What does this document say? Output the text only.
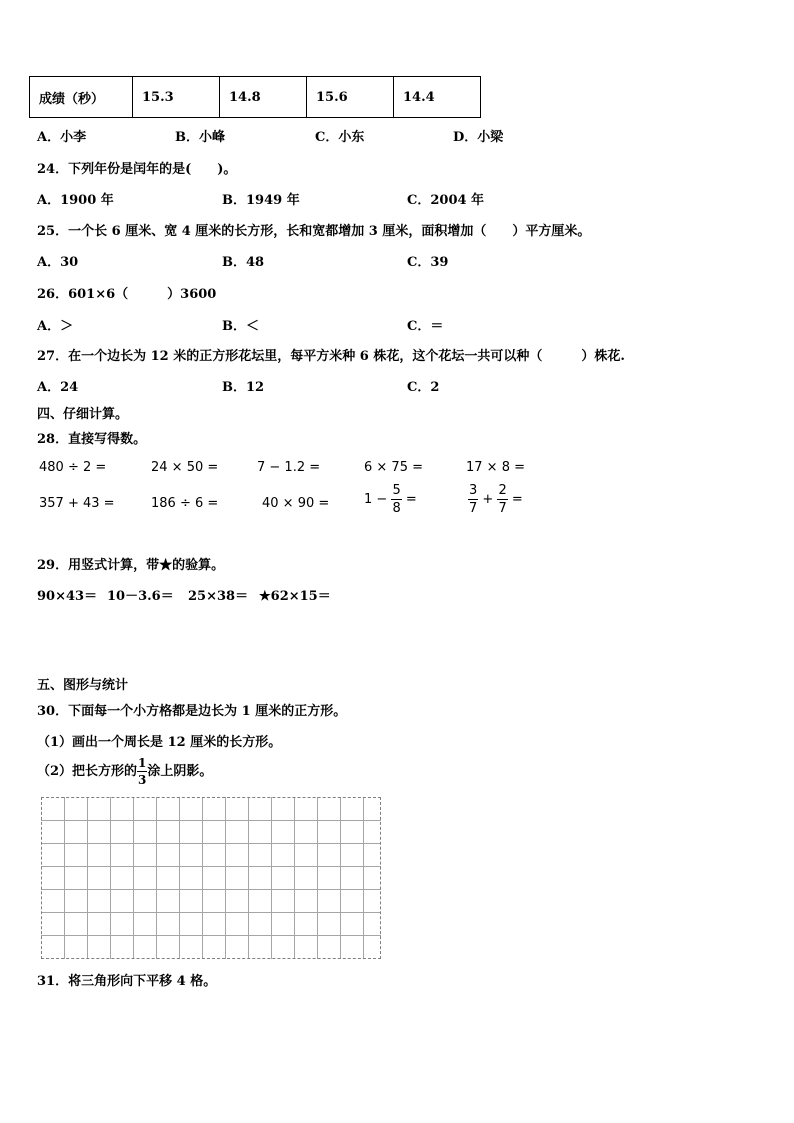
成绩（秒）	15.3	14.8	15.6	14.4
A．小李	B．小峰	C．小东	D．小梁
24．下列年份是闰年的是(　　)。
A．1900 年	B．1949 年	C．2004 年
25．一个长 6 厘米、宽 4 厘米的长方形，长和宽都增加 3 厘米，面积增加（　　）平方厘米。
A．30	B．48	C．39
26．601×6（　　　）3600
A．＞	B．＜	C．＝
27．在一个边长为 12 米的正方形花坛里，每平方米种 6 株花，这个花坛一共可以种（　　　）株花.
A．24	B．12	C．2
四、仔细计算。
28．直接写得数。
480 ÷ 2 =	24 × 50 =	7 − 1.2 =	6 × 75 =	17 × 8 =
357 + 43 =	186 ÷ 6 =	40 × 90 =	$1 - \frac{5}{8}$ =	$\frac{3}{7} + \frac{2}{7}$ =
29．用竖式计算，带★的验算。
90×43＝ 10－3.6＝ 25×38＝ ★62×15＝
五、图形与统计
30．下面每一个小方格都是边长为 1 厘米的正方形。
（1）画出一个周长是 12 厘米的长方形。
（2）把长方形的 $\frac{1}{3}$ 涂上阴影。
31．将三角形向下平移 4 格。
